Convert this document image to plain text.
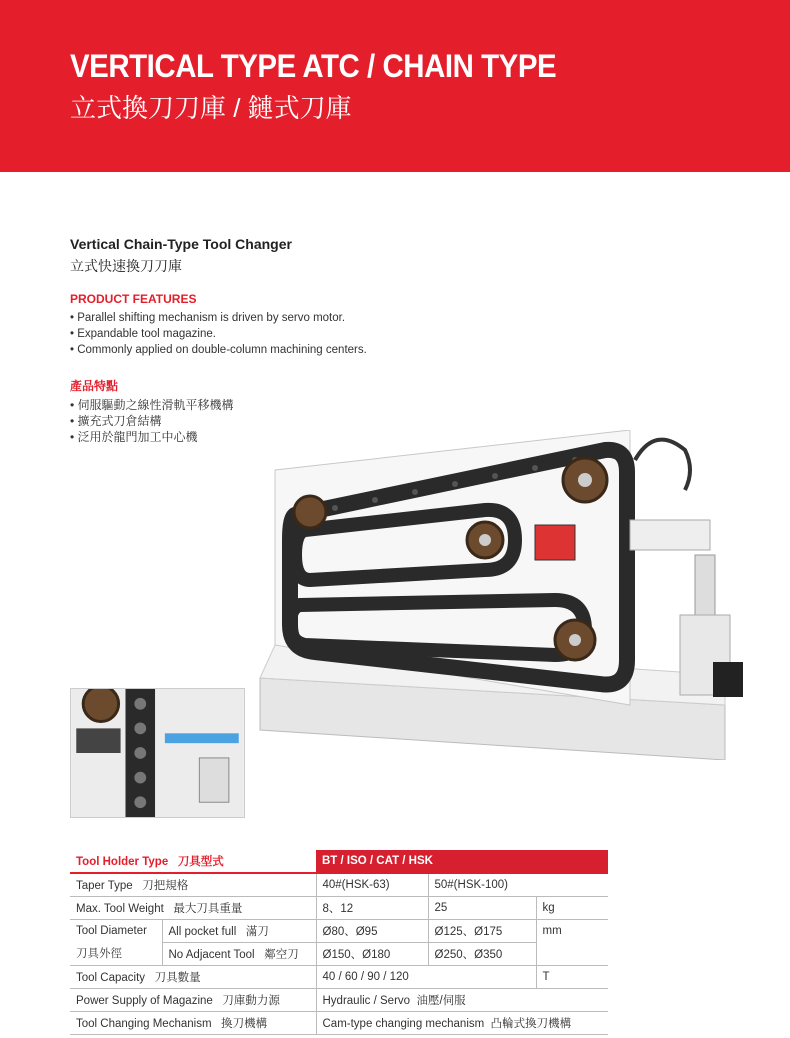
VERTICAL TYPE ATC / CHAIN TYPE
立式換刀刀庫 / 鏈式刀庫
Vertical Chain-Type Tool Changer
立式快速換刀刀庫
PRODUCT FEATURES
• Parallel shifting mechanism is driven by servo motor.
• Expandable tool magazine.
• Commonly applied on double-column machining centers.
產品特點
• 伺服驅動之線性滑軌平移機構
• 擴充式刀倉結構
• 泛用於龍門加工中心機
Tool Holder Type 刀具型式		BT / ISO / CAT / HSK		
Taper Type 刀把規格		40#(HSK-63)	50#(HSK-100)	
Max. Tool Weight 最大刀具重量		8、12	25	kg
Tool Diameter	All pocket full 滿刀	Ø80、Ø95	Ø125、Ø175	mm
刀具外徑	No Adjacent Tool 鄰空刀	Ø150、Ø180	Ø250、Ø350	
Tool Capacity 刀具數量		40 / 60 / 90 / 120		T
Power Supply of Magazine 刀庫動力源		Hydraulic / Servo 油壓/伺服		
Tool Changing Mechanism 換刀機構		Cam-type changing mechanism 凸輪式換刀機構		
